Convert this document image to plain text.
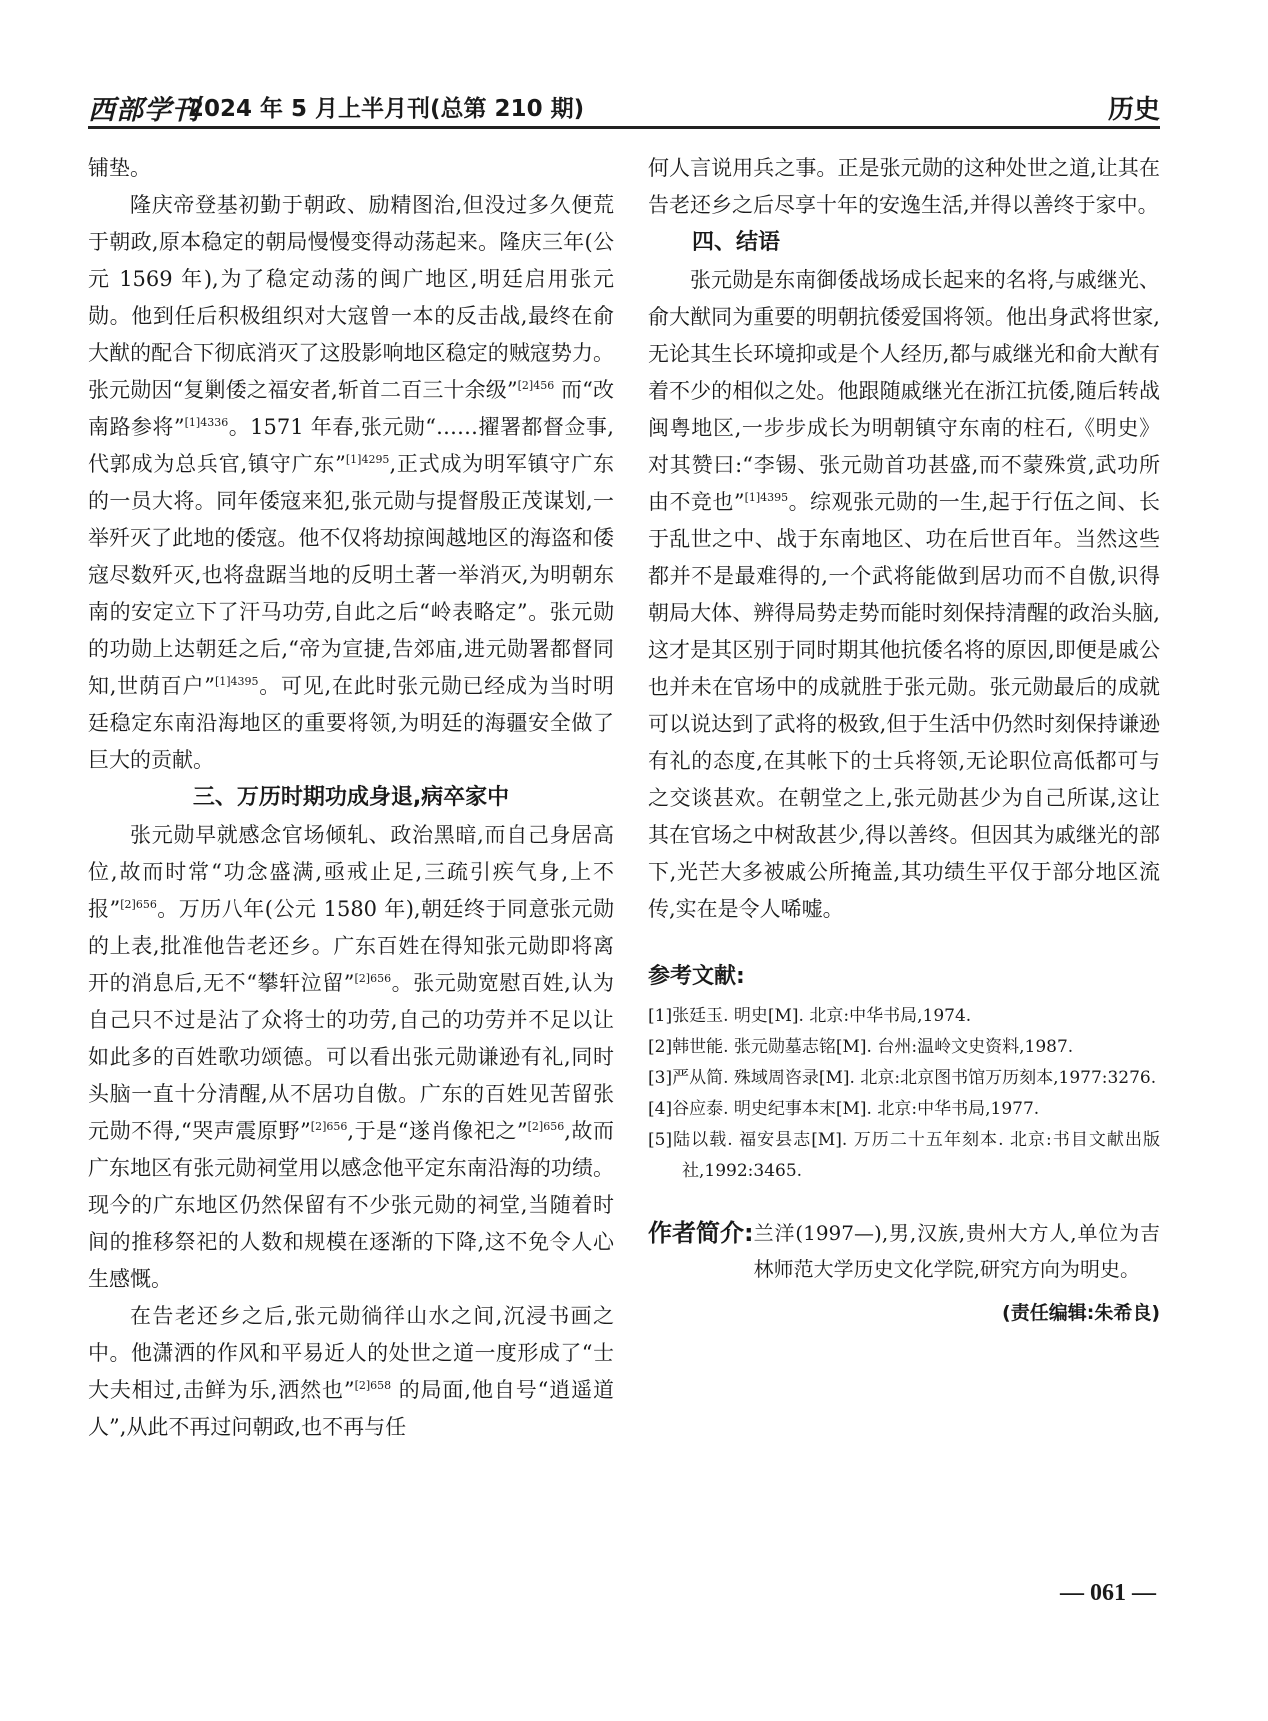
西部学刊
2024 年 5 月上半月刊(总第 210 期)	历史

铺垫。

隆庆帝登基初勤于朝政、励精图治,但没过多久便荒于朝政,原本稳定的朝局慢慢变得动荡起来。隆庆三年(公元 1569 年),为了稳定动荡的闽广地区,明廷启用张元勋。他到任后积极组织对大寇曾一本的反击战,最终在俞大猷的配合下彻底消灭了这股影响地区稳定的贼寇势力。张元勋因“复剿倭之福安者,斩首二百三十余级”$^{[2]456}$ 而“改南路参将”$^{[1]4336}$。1571 年春,张元勋“……擢署都督佥事,代郭成为总兵官,镇守广东”$^{[1]4295}$,正式成为明军镇守广东的一员大将。同年倭寇来犯,张元勋与提督殷正茂谋划,一举歼灭了此地的倭寇。他不仅将劫掠闽越地区的海盗和倭寇尽数歼灭,也将盘踞当地的反明土著一举消灭,为明朝东南的安定立下了汗马功劳,自此之后“岭表略定”。张元勋的功勋上达朝廷之后,“帝为宣捷,告郊庙,进元勋署都督同知,世荫百户”$^{[1]4395}$。可见,在此时张元勋已经成为当时明廷稳定东南沿海地区的重要将领,为明廷的海疆安全做了巨大的贡献。

三、万历时期功成身退,病卒家中

张元勋早就感念官场倾轧、政治黑暗,而自己身居高位,故而时常“功念盛满,亟戒止足,三疏引疾气身,上不报”$^{[2]656}$。万历八年(公元 1580 年),朝廷终于同意张元勋的上表,批准他告老还乡。广东百姓在得知张元勋即将离开的消息后,无不“攀轩泣留”$^{[2]656}$。张元勋宽慰百姓,认为自己只不过是沾了众将士的功劳,自己的功劳并不足以让如此多的百姓歌功颂德。可以看出张元勋谦逊有礼,同时头脑一直十分清醒,从不居功自傲。广东的百姓见苦留张元勋不得,“哭声震原野”$^{[2]656}$,于是“遂肖像祀之”$^{[2]656}$,故而广东地区有张元勋祠堂用以感念他平定东南沿海的功绩。现今的广东地区仍然保留有不少张元勋的祠堂,当随着时间的推移祭祀的人数和规模在逐渐的下降,这不免令人心生感慨。

在告老还乡之后,张元勋徜徉山水之间,沉浸书画之中。他潇洒的作风和平易近人的处世之道一度形成了“士大夫相过,击鲜为乐,洒然也”$^{[2]658}$ 的局面,他自号“逍遥道人”,从此不再过问朝政,也不再与任

何人言说用兵之事。正是张元勋的这种处世之道,让其在告老还乡之后尽享十年的安逸生活,并得以善终于家中。

四、结语

张元勋是东南御倭战场成长起来的名将,与戚继光、俞大猷同为重要的明朝抗倭爱国将领。他出身武将世家,无论其生长环境抑或是个人经历,都与戚继光和俞大猷有着不少的相似之处。他跟随戚继光在浙江抗倭,随后转战闽粤地区,一步步成长为明朝镇守东南的柱石,《明史》对其赞曰:“李锡、张元勋首功甚盛,而不蒙殊赏,武功所由不竞也”$^{[1]4395}$。综观张元勋的一生,起于行伍之间、长于乱世之中、战于东南地区、功在后世百年。当然这些都并不是最难得的,一个武将能做到居功而不自傲,识得朝局大体、辨得局势走势而能时刻保持清醒的政治头脑,这才是其区别于同时期其他抗倭名将的原因,即便是戚公也并未在官场中的成就胜于张元勋。张元勋最后的成就可以说达到了武将的极致,但于生活中仍然时刻保持谦逊有礼的态度,在其帐下的士兵将领,无论职位高低都可与之交谈甚欢。在朝堂之上,张元勋甚少为自己所谋,这让其在官场之中树敌甚少,得以善终。但因其为戚继光的部下,光芒大多被戚公所掩盖,其功绩生平仅于部分地区流传,实在是令人唏嘘。

参考文献:
[1]张廷玉. 明史[M]. 北京:中华书局,1974.
[2]韩世能. 张元勋墓志铭[M]. 台州:温岭文史资料,1987.
[3]严从简. 殊域周咨录[M]. 北京:北京图书馆万历刻本,1977:3276.
[4]谷应泰. 明史纪事本末[M]. 北京:中华书局,1977.
[5]陆以载. 福安县志[M]. 万历二十五年刻本. 北京:书目文献出版社,1992:3465.
作者简介: 兰洋(1997—),男,汉族,贵州大方人,单位为吉林师范大学历史文化学院,研究方向为明史。
(责任编辑:朱希良)
— 061 —
